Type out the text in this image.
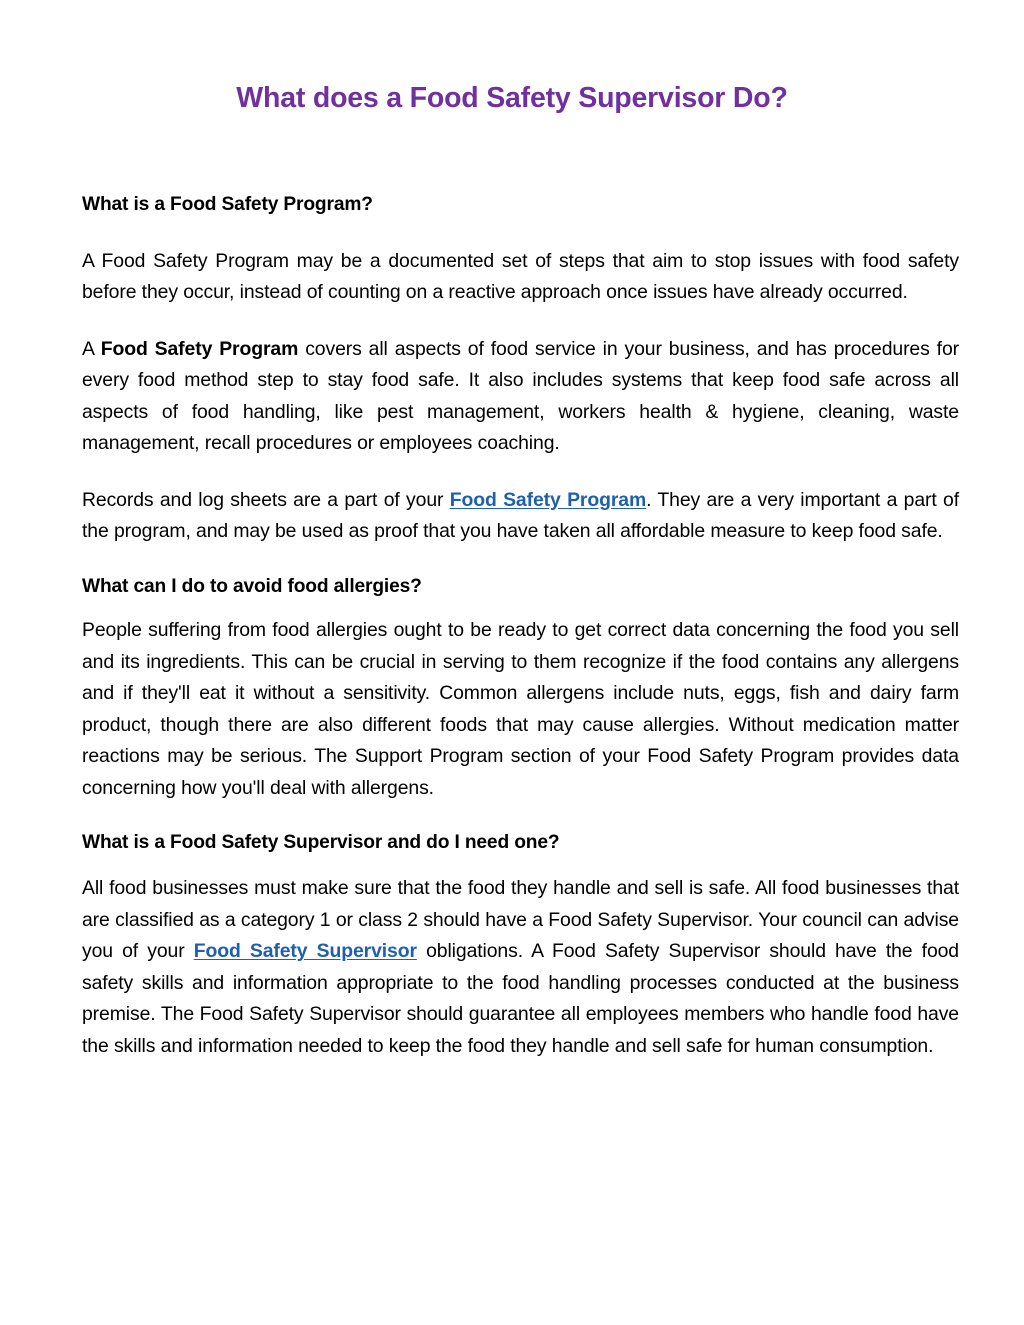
What does a Food Safety Supervisor Do?
What is a Food Safety Program?

A Food Safety Program may be a documented set of steps that aim to stop issues with food safety before they occur, instead of counting on a reactive approach once issues have already occurred.

A Food Safety Program covers all aspects of food service in your business, and has procedures for every food method step to stay food safe. It also includes systems that keep food safe across all aspects of food handling, like pest management, workers health & hygiene, cleaning, waste management, recall procedures or employees coaching.

Records and log sheets are a part of your Food Safety Program. They are a very important a part of the program, and may be used as proof that you have taken all affordable measure to keep food safe.

What can I do to avoid food allergies?

People suffering from food allergies ought to be ready to get correct data concerning the food you sell and its ingredients. This can be crucial in serving to them recognize if the food contains any allergens and if they'll eat it without a sensitivity. Common allergens include nuts, eggs, fish and dairy farm product, though there are also different foods that may cause allergies. Without medication matter reactions may be serious. The Support Program section of your Food Safety Program provides data concerning how you'll deal with allergens.

What is a Food Safety Supervisor and do I need one?

All food businesses must make sure that the food they handle and sell is safe. All food businesses that are classified as a category 1 or class 2 should have a Food Safety Supervisor. Your council can advise you of your Food Safety Supervisor obligations. A Food Safety Supervisor should have the food safety skills and information appropriate to the food handling processes conducted at the business premise. The Food Safety Supervisor should guarantee all employees members who handle food have the skills and information needed to keep the food they handle and sell safe for human consumption.
